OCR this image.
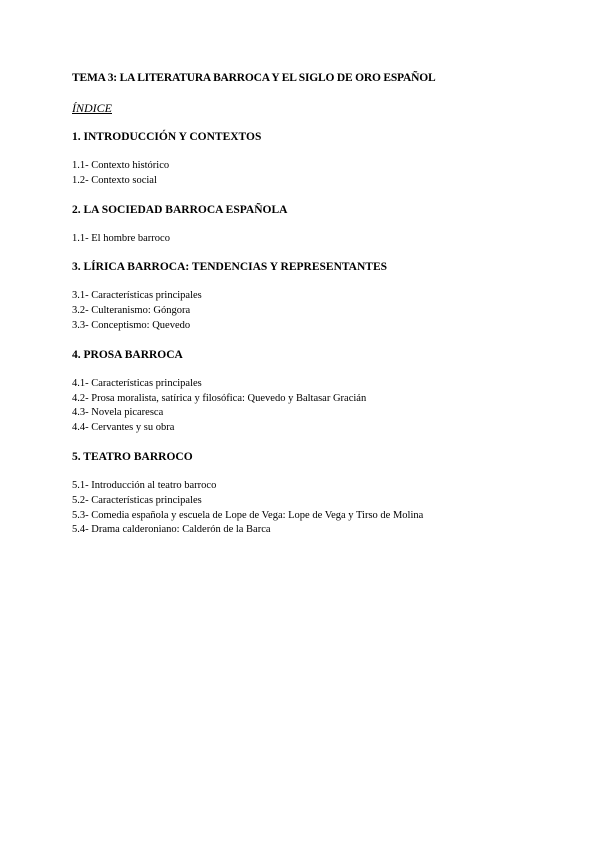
TEMA 3: LA LITERATURA BARROCA Y EL SIGLO DE ORO ESPAÑOL
ÍNDICE
1. INTRODUCCIÓN Y CONTEXTOS
1.1- Contexto histórico
1.2- Contexto social
2. LA SOCIEDAD BARROCA ESPAÑOLA
1.1- El hombre barroco
3. LÍRICA BARROCA: TENDENCIAS Y REPRESENTANTES
3.1- Características principales
3.2- Culteranismo: Góngora
3.3- Conceptismo: Quevedo
4. PROSA BARROCA
4.1- Características principales
4.2- Prosa moralista, satírica y filosófica: Quevedo y Baltasar Gracián
4.3- Novela picaresca
4.4- Cervantes y su obra
5. TEATRO BARROCO
5.1- Introducción al teatro barroco
5.2- Características principales
5.3- Comedia española y escuela de Lope de Vega: Lope de Vega y Tirso de Molina
5.4- Drama calderoniano: Calderón de la Barca
